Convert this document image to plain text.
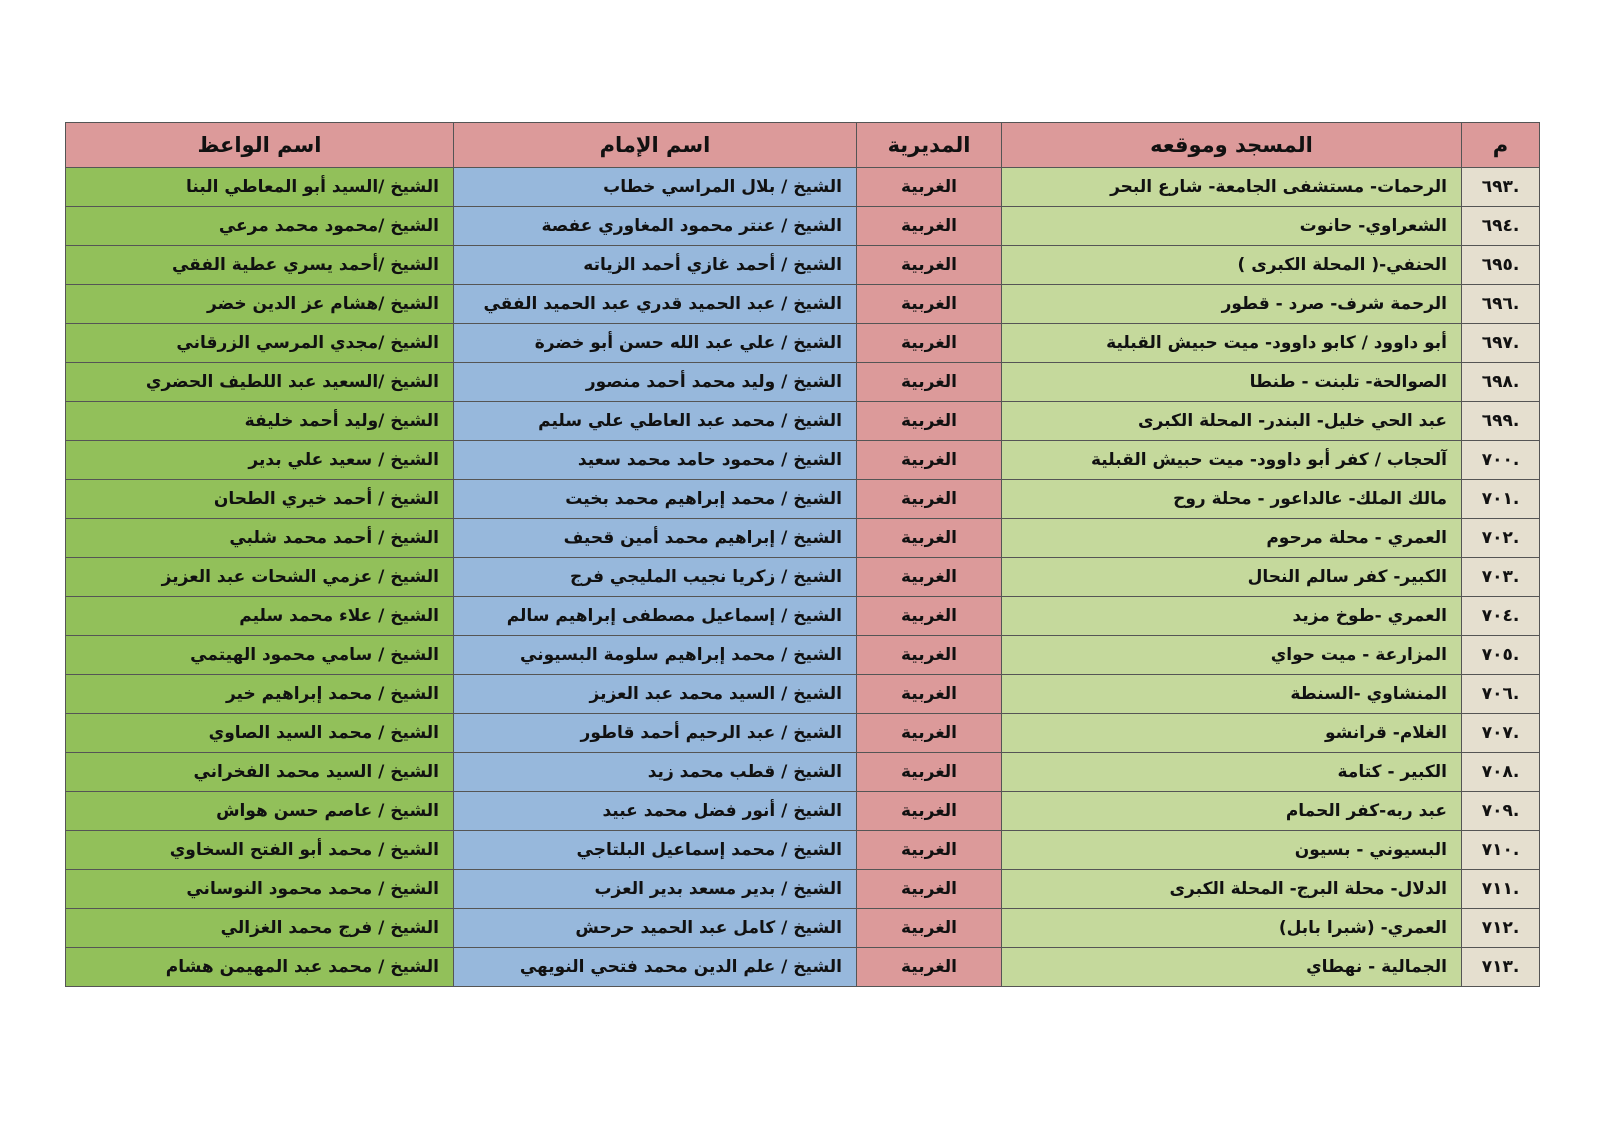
م	المسجد وموقعه	المديرية	اسم الإمام	اسم الواعظ
.٦٩٣	الرحمات- مستشفى الجامعة- شارع البحر	الغربية	الشيخ / بلال المراسي خطاب	الشيخ /السيد أبو المعاطي البنا
.٦٩٤	الشعراوي- حانوت	الغربية	الشيخ / عنتر محمود المغاوري عفصة	الشيخ /محمود محمد مرعي
.٦٩٥	الحنفي-( المحلة الكبرى )	الغربية	الشيخ / أحمد غازي أحمد الزياته	الشيخ /أحمد يسري عطية الفقي
.٦٩٦	الرحمة شرف- صرد - قطور	الغربية	الشيخ / عبد الحميد قدري عبد الحميد الفقي	الشيخ /هشام عز الدين خضر
.٦٩٧	أبو داوود / كابو داوود- ميت حبيش القبلية	الغربية	الشيخ / علي عبد الله حسن أبو خضرة	الشيخ /مجدي المرسي الزرقاني
.٦٩٨	الصوالحة- تلبنت - طنطا	الغربية	الشيخ / وليد محمد أحمد منصور	الشيخ /السعيد عبد اللطيف الحضري
.٦٩٩	عبد الحي خليل- البندر- المحلة الكبرى	الغربية	الشيخ / محمد عبد العاطي علي سليم	الشيخ /وليد أحمد خليفة
.٧٠٠	آلحجاب / كفر أبو داوود- ميت حبيش القبلية	الغربية	الشيخ / محمود حامد محمد سعيد	الشيخ / سعيد علي بدير
.٧٠١	مالك الملك- عالداعور - محلة روح	الغربية	الشيخ / محمد إبراهيم محمد بخيت	الشيخ / أحمد خيري الطحان
.٧٠٢	العمري - محلة مرحوم	الغربية	الشيخ / إبراهيم محمد أمين قحيف	الشيخ / أحمد محمد شلبي
.٧٠٣	الكبير- كفر سالم النحال	الغربية	الشيخ / زكريا نجيب المليجي فرج	الشيخ / عزمي الشحات عبد العزيز
.٧٠٤	العمري -طوخ مزيد	الغربية	الشيخ / إسماعيل مصطفى إبراهيم سالم	الشيخ / علاء محمد سليم
.٧٠٥	المزارعة - ميت حواي	الغربية	الشيخ / محمد إبراهيم سلومة البسيوني	الشيخ / سامي محمود الهيتمي
.٧٠٦	المنشاوي -السنطة	الغربية	الشيخ / السيد محمد عبد العزيز	الشيخ / محمد إبراهيم خير
.٧٠٧	الغلام- قرانشو	الغربية	الشيخ / عبد الرحيم أحمد قاطور	الشيخ / محمد السيد الصاوي
.٧٠٨	الكبير - كتامة	الغربية	الشيخ / قطب محمد زيد	الشيخ / السيد محمد الفخراني
.٧٠٩	عبد ربه-كفر الحمام	الغربية	الشيخ / أنور فضل محمد عبيد	الشيخ / عاصم حسن هواش
.٧١٠	البسيوني - بسيون	الغربية	الشيخ / محمد إسماعيل البلتاجي	الشيخ / محمد أبو الفتح السخاوي
.٧١١	الدلال- محلة البرج- المحلة الكبرى	الغربية	الشيخ / بدير مسعد بدير العزب	الشيخ / محمد محمود النوساني
.٧١٢	العمري- (شبرا بابل)	الغربية	الشيخ / كامل عبد الحميد حرحش	الشيخ / فرج محمد الغزالي
.٧١٣	الجمالية - نهطاي	الغربية	الشيخ / علم الدين محمد فتحي النويهي	الشيخ / محمد عبد المهيمن هشام
